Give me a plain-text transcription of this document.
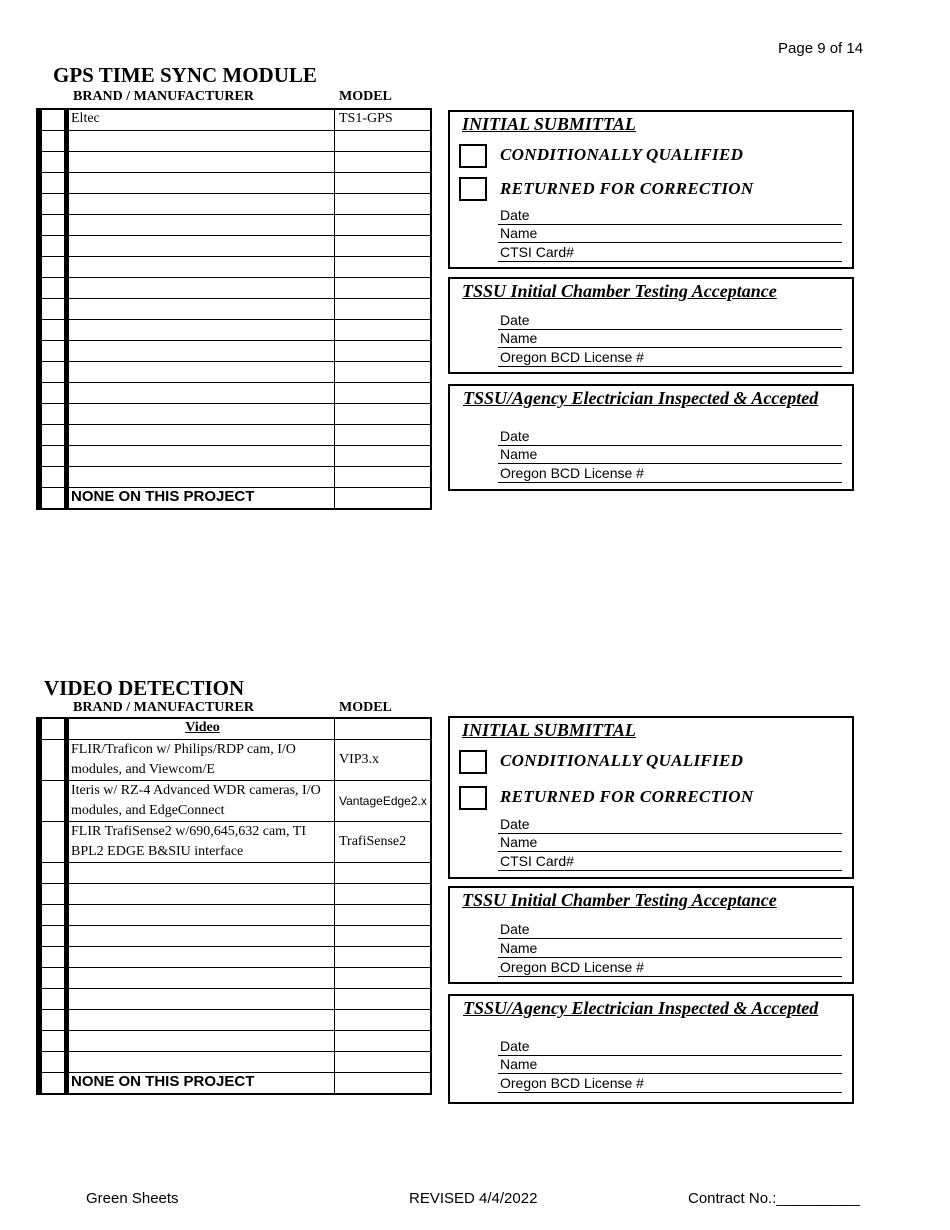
Page 9 of 14
GPS TIME SYNC MODULE
BRAND / MANUFACTURER	MODEL
Eltec	TS1-GPS
NONE ON THIS PROJECT
INITIAL SUBMITTAL
CONDITIONALLY QUALIFIED
RETURNED FOR CORRECTION
Date
Name
CTSI Card#
TSSU Initial Chamber Testing Acceptance
Date
Name
Oregon BCD License #
TSSU/Agency Electrician Inspected & Accepted
Date
Name
Oregon BCD License #
VIDEO DETECTION
BRAND / MANUFACTURER	MODEL
Video
FLIR/Traficon w/ Philips/RDP cam, I/O modules, and Viewcom/E
VIP3.x
Iteris w/ RZ-4 Advanced WDR cameras, I/O modules, and EdgeConnect
VantageEdge2.x
FLIR TrafiSense2 w/690,645,632 cam, TI BPL2 EDGE B&SIU interface
TrafiSense2
NONE ON THIS PROJECT
INITIAL SUBMITTAL
CONDITIONALLY QUALIFIED
RETURNED FOR CORRECTION
Date
Name
CTSI Card#
TSSU Initial Chamber Testing Acceptance
Date
Name
Oregon BCD License #
TSSU/Agency Electrician Inspected & Accepted
Date
Name
Oregon BCD License #
Green Sheets	REVISED 4/4/2022	Contract No.:__________
